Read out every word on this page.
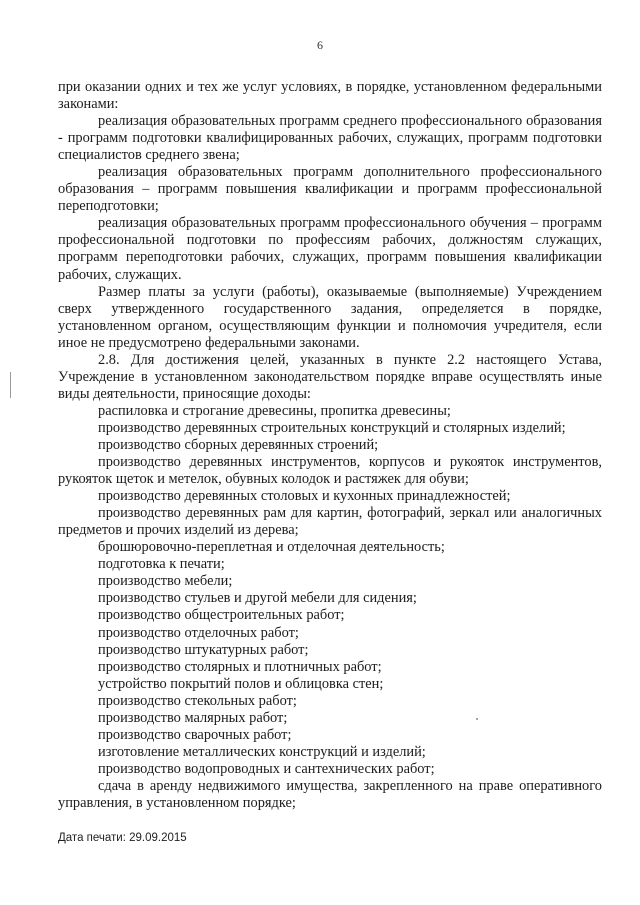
6

при оказании одних и тех же услуг условиях, в порядке, установленном федеральными законами:

реализация образовательных программ среднего профессионального образования - программ подготовки квалифицированных рабочих, служащих, программ подготовки специалистов среднего звена;

реализация образовательных программ дополнительного профессионального образования – программ повышения квалификации и программ профессиональной переподготовки;

реализация образовательных программ профессионального обучения – программ профессиональной подготовки по профессиям рабочих, должностям служащих, программ переподготовки рабочих, служащих, программ повышения квалификации рабочих, служащих.

Размер платы за услуги (работы), оказываемые (выполняемые) Учреждением сверх утвержденного государственного задания, определяется в порядке, установленном органом, осуществляющим функции и полномочия учредителя, если иное не предусмотрено федеральными законами.

2.8. Для достижения целей, указанных в пункте 2.2 настоящего Устава, Учреждение в установленном законодательством порядке вправе осуществлять иные виды деятельности, приносящие доходы:

распиловка и строгание древесины, пропитка древесины;

производство деревянных строительных конструкций и столярных изделий;

производство сборных деревянных строений;

производство деревянных инструментов, корпусов и рукояток инструментов, рукояток щеток и метелок, обувных колодок и растяжек для обуви;

производство деревянных столовых и кухонных принадлежностей;

производство деревянных рам для картин, фотографий, зеркал или аналогичных предметов и прочих изделий из дерева;

брошюровочно-переплетная и отделочная деятельность;

подготовка к печати;

производство мебели;

производство стульев и другой мебели для сидения;

производство общестроительных работ;

производство отделочных работ;

производство штукатурных работ;

производство столярных и плотничных работ;

устройство покрытий полов и облицовка стен;

производство стекольных работ;

производство малярных работ;

производство сварочных работ;

изготовление металлических конструкций и изделий;

производство водопроводных и сантехнических работ;

сдача в аренду недвижимого имущества, закрепленного на праве оперативного управления, в установленном порядке;

Дата печати: 29.09.2015
